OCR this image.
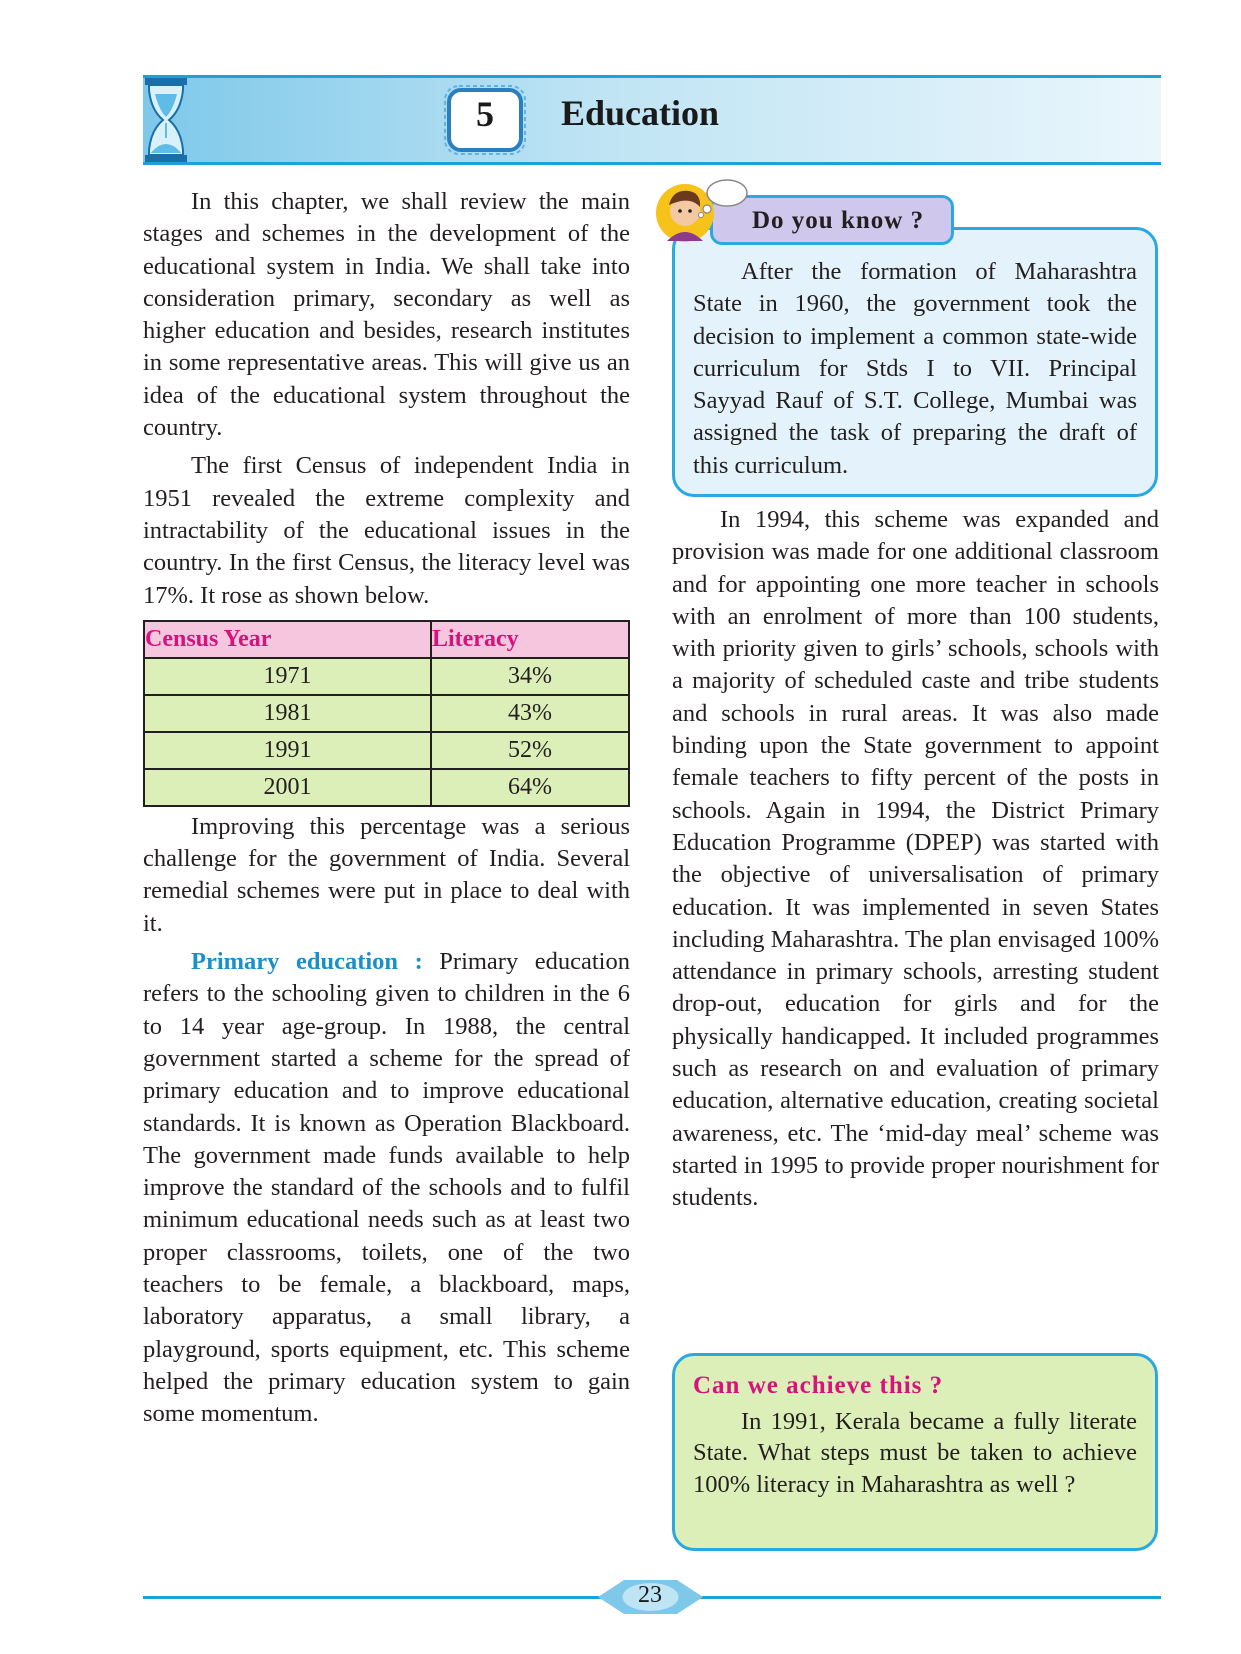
5	Education

In this chapter, we shall review the main stages and schemes in the development of the educational system in India. We shall take into consideration primary, secondary as well as higher education and besides, research institutes in some representative areas. This will give us an idea of the educational system throughout the country.

The first Census of independent India in 1951 revealed the extreme complexity and intractability of the educational issues in the country. In the first Census, the literacy level was 17%. It rose as shown below.

Census Year	Literacy
1971	34%
1981	43%
1991	52%
2001	64%

Improving this percentage was a serious challenge for the government of India. Several remedial schemes were put in place to deal with it.

Primary education : Primary education refers to the schooling given to children in the 6 to 14 year age-group. In 1988, the central government started a scheme for the spread of primary education and to improve educational standards. It is known as Operation Blackboard. The government made funds available to help improve the standard of the schools and to fulfil minimum educational needs such as at least two proper classrooms, toilets, one of the two teachers to be female, a blackboard, maps, laboratory apparatus, a small library, a playground, sports equipment, etc. This scheme helped the primary education system to gain some momentum.

After the formation of Maharashtra State in 1960, the government took the decision to implement a common state-wide curriculum for Stds I to VII. Principal Sayyad Rauf of S.T. College, Mumbai was assigned the task of preparing the draft of this curriculum.

Do you know ?

In 1994, this scheme was expanded and provision was made for one additional classroom and for appointing one more teacher in schools with an enrolment of more than 100 students, with priority given to girls’ schools, schools with a majority of scheduled caste and tribe students and schools in rural areas. It was also made binding upon the State government to appoint female teachers to fifty percent of the posts in schools. Again in 1994, the District Primary Education Programme (DPEP) was started with the objective of universalisation of primary education. It was implemented in seven States including Maharashtra. The plan envisaged 100% attendance in primary schools, arresting student drop-out, education for girls and for the physically handicapped. It included programmes such as research on and evaluation of primary education, alternative education, creating societal awareness, etc. The ‘mid-day meal’ scheme was started in 1995 to provide proper nourishment for students.

Can we achieve this ?

In 1991, Kerala became a fully literate State. What steps must be taken to achieve 100% literacy in Maharashtra as well ?

23
